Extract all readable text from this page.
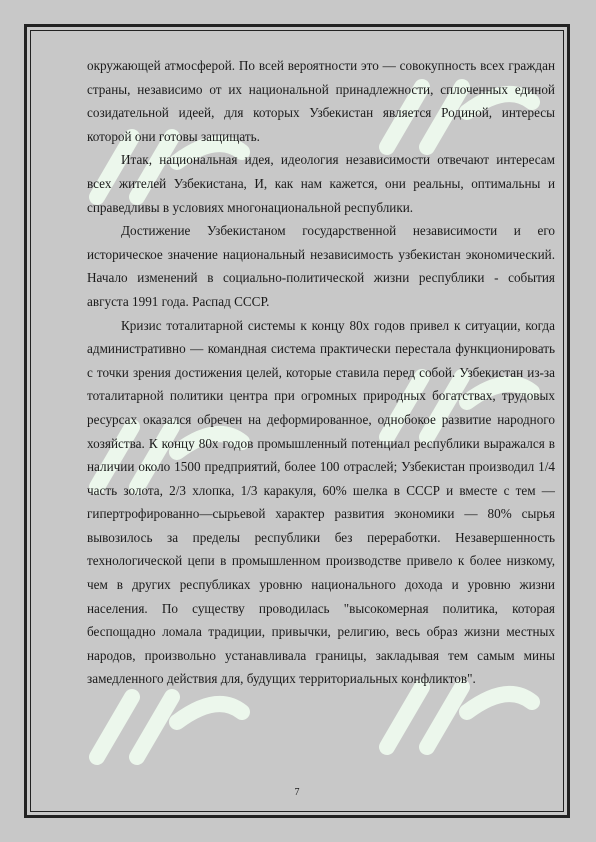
окружающей атмосферой. По всей вероятности это — совокупность всех граждан страны, независимо от их национальной принадлежности, сплоченных единой созидательной идеей, для которых Узбекистан является Родиной, интересы которой они готовы защищать.

Итак, национальная идея, идеология независимости отвечают интересам всех жителей Узбекистана, И, как нам кажется, они реальны, оптимальны и справедливы в условиях многонациональной республики.

Достижение Узбекистаном государственной независимости и его историческое значение национальный независимость узбекистан экономический. Начало изменений в социально-политической жизни республики - события августа 1991 года. Распад СССР.

Кризис тоталитарной системы к концу 80х годов привел к ситуации, когда административно — командная система практически перестала функционировать с точки зрения достижения целей, которые ставила перед собой. Узбекистан из-за тоталитарной политики центра при огромных природных богатствах, трудовых ресурсах оказался обречен на деформированное, однобокое развитие народного хозяйства. К концу 80х годов промышленный потенциал республики выражался в наличии около 1500 предприятий, более 100 отраслей; Узбекистан производил 1/4 часть золота, 2/3 хлопка, 1/3 каракуля, 60% шелка в СССР и вместе с тем — гипертрофированно—сырьевой характер развития экономики — 80% сырья вывозилось за пределы республики без переработки. Незавершенность технологической цепи в промышленном производстве привело к более низкому, чем в других республиках уровню национального дохода и уровню жизни населения. По существу проводилась "высокомерная политика, которая беспощадно ломала традиции, привычки, религию, весь образ жизни местных народов, произвольно устанавливала границы, закладывая тем самым мины замедленного действия для, будущих территориальных конфликтов".

7
